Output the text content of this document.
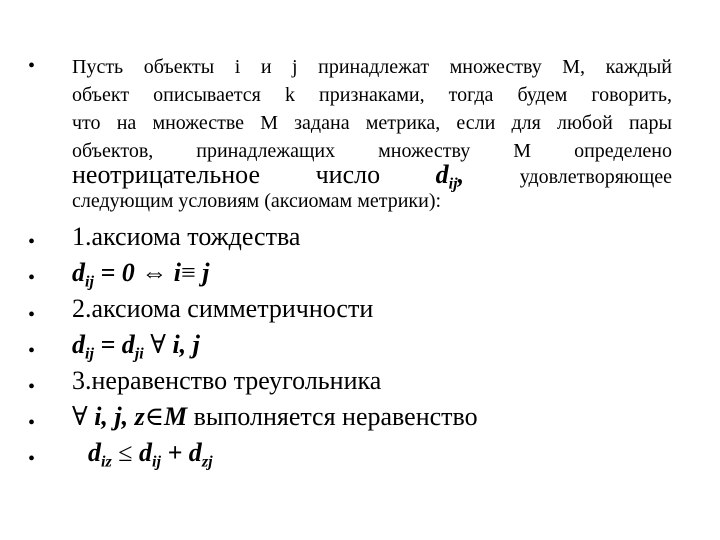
• Пусть объекты i и j принадлежат множеству M, каждый
объект описывается k признаками, тогда будем говорить,
что на множестве M задана метрика, если для любой пары
объектов, принадлежащих множеству M определено
неотрицательное число $d_{ij}$,	удовлетворяющее
следующим условиям (аксиомам метрики):
• 1.аксиома тождества
• $d_{ij} = 0$ ⇔ i≡ j
• 2.аксиома симметричности
• $d_{ij} = d_{ji}$ ∀ i, j
• 3.неравенство треугольника
• ∀ i, j, z∈M выполняется неравенство
• $d_{iz} \le d_{ij} + d_{zj}$
